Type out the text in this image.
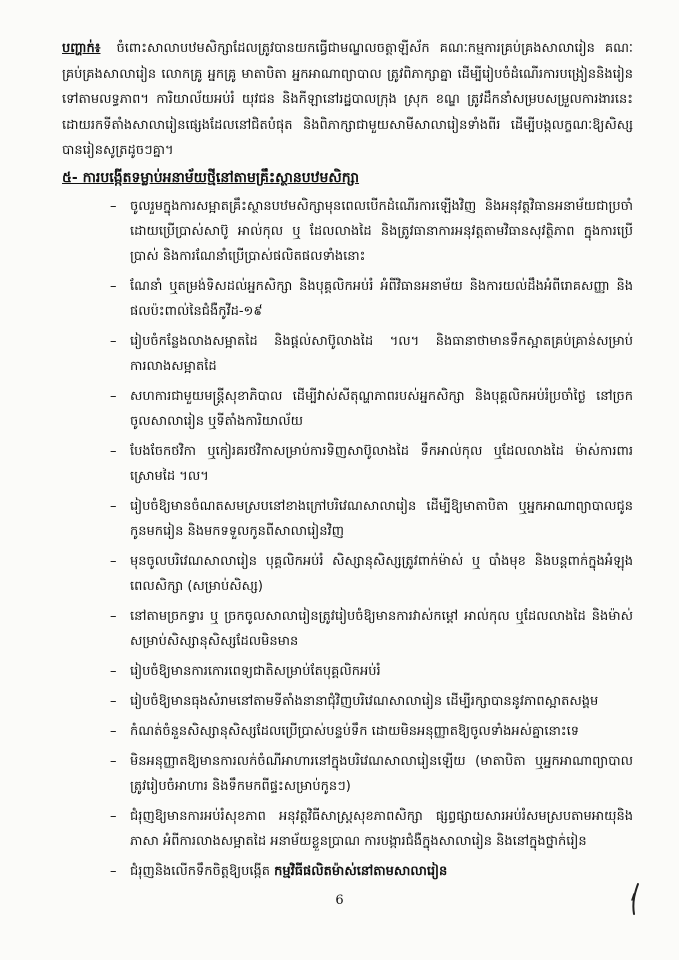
បញ្ហាក់៖ ចំពោះសាលាបឋមសិក្សាដែលត្រូវបានយកធ្វើជាមណ្ឌលចត្តាឡីស័ក គណៈកម្មការគ្រប់គ្រងសាលារៀន គណៈគ្រប់គ្រងសាលារៀន លោកគ្រូ អ្នកគ្រូ មាតាបិតា អ្នកអាណាព្យាបាល ត្រូវពិភាក្សាគ្នា ដើម្បីរៀបចំដំណើរការបង្រៀននិងរៀនទៅតាមលទ្ធភាព។ ការិយាល័យអប់រំ យុវជន និងកីឡានៅរដ្ឋបាលក្រុង ស្រុក ខណ្ឌ ត្រូវដឹកនាំសម្របសម្រួលការងារនេះ ដោយរកទីតាំងសាលារៀនផ្សេងដែលនៅជិតបំផុត និងពិភាក្សាជាមួយសាមីសាលារៀនទាំងពីរ ដើម្បីបង្កលក្ខណៈឱ្យសិស្សបានរៀនសូត្រដូចៗគ្នា។

៥- ការបង្កើតទម្លាប់អនាម័យថ្មីនៅតាមគ្រឹះស្ថានបឋមសិក្សា
– ចូលរួមក្នុងការសម្អាតគ្រឹះស្ថានបឋមសិក្សាមុនពេលបើកដំណើរការឡើងវិញ និងអនុវត្តវិធានអនាម័យជាប្រចាំ ដោយប្រើប្រាស់សាប៊ូ អាល់កុល ឬ ដែលលាងដៃ និងត្រូវធានាការអនុវត្តតាមវិធានសុវត្ថិភាព ក្នុងការប្រើប្រាស់ និងការណែនាំប្រើប្រាស់ផលិតផលទាំងនោះ
– ណែនាំ ឬតម្រង់ទិសដល់អ្នកសិក្សា និងបុគ្គលិកអប់រំ អំពីវិធានអនាម័យ និងការយល់ដឹងអំពីរោគសញ្ញា និង ផលប៉ះពាល់នៃជំងឺកូវីដ-១៩
– រៀបចំកន្លែងលាងសម្អាតដៃ និងផ្តល់សាប៊ូលាងដៃ ។ល។ និងធានាថាមានទឹកស្អាតគ្រប់គ្រាន់សម្រាប់ការលាងសម្អាតដៃ
– សហការជាមួយមន្ត្រីសុខាភិបាល ដើម្បីវាស់សីតុណ្ហភាពរបស់អ្នកសិក្សា និងបុគ្គលិកអប់រំប្រចាំថ្ងៃ នៅច្រកចូលសាលារៀន ឬទីតាំងការិយាល័យ
– បែងចែកថវិកា ឬកៀរគរថវិកាសម្រាប់ការទិញសាប៊ូលាងដៃ ទឹកអាល់កុល ឬដែលលាងដៃ ម៉ាស់ការពារ ស្រោមដៃ ។ល។
– រៀបចំឱ្យមានចំណតសមស្របនៅខាងក្រៅបរិវេណសាលារៀន ដើម្បីឱ្យមាតាបិតា ឬអ្នកអាណាព្យាបាលជូនកូនមករៀន និងមកទទួលកូនពីសាលារៀនវិញ
– មុនចូលបរិវេណសាលារៀន បុគ្គលិកអប់រំ សិស្សានុសិស្សត្រូវពាក់ម៉ាស់ ឬ បាំងមុខ និងបន្តពាក់ក្នុងអំឡុងពេលសិក្សា (សម្រាប់សិស្ស)
– នៅតាមច្រកទ្វារ ឬ ច្រកចូលសាលារៀនត្រូវរៀបចំឱ្យមានការវាស់កម្តៅ អាល់កុល ឬដែលលាងដៃ និងម៉ាស់សម្រាប់សិស្សានុសិស្សដែលមិនមាន
– រៀបចំឱ្យមានការកោរពេទ្យជាតិសម្រាប់តែបុគ្គលិកអប់រំ
– រៀបចំឱ្យមានធុងសំរាមនៅតាមទីតាំងនានាជុំវិញបរិវេណសាលារៀន ដើម្បីរក្សាបាននូវភាពស្អាតសង្គម
– កំណត់ចំនួនសិស្សានុសិស្សដែលប្រើប្រាស់បន្ទប់ទឹក ដោយមិនអនុញ្ញាតឱ្យចូលទាំងអស់គ្នានោះទេ
– មិនអនុញ្ញាតឱ្យមានការលក់ចំណីអាហារនៅក្នុងបរិវេណសាលារៀនឡើយ (មាតាបិតា ឬអ្នកអាណាព្យាបាលត្រូវរៀបចំអាហារ និងទឹកមកពីផ្ទះសម្រាប់កូនៗ)
– ជំរុញឱ្យមានការអប់រំសុខភាព អនុវត្តវិធីសាស្ត្រសុខភាពសិក្សា ផ្សព្វផ្សាយសារអប់រំសមស្របតាមអាយុនិងភាសា អំពីការលាងសម្អាតដៃ អនាម័យខ្លួនប្រាណ ការបង្ការជំងឺក្នុងសាលារៀន និងនៅក្នុងថ្នាក់រៀន
– ជំរុញនិងលើកទឹកចិត្តឱ្យបង្កើត កម្មវិធីផលិតម៉ាស់នៅតាមសាលារៀន
6
